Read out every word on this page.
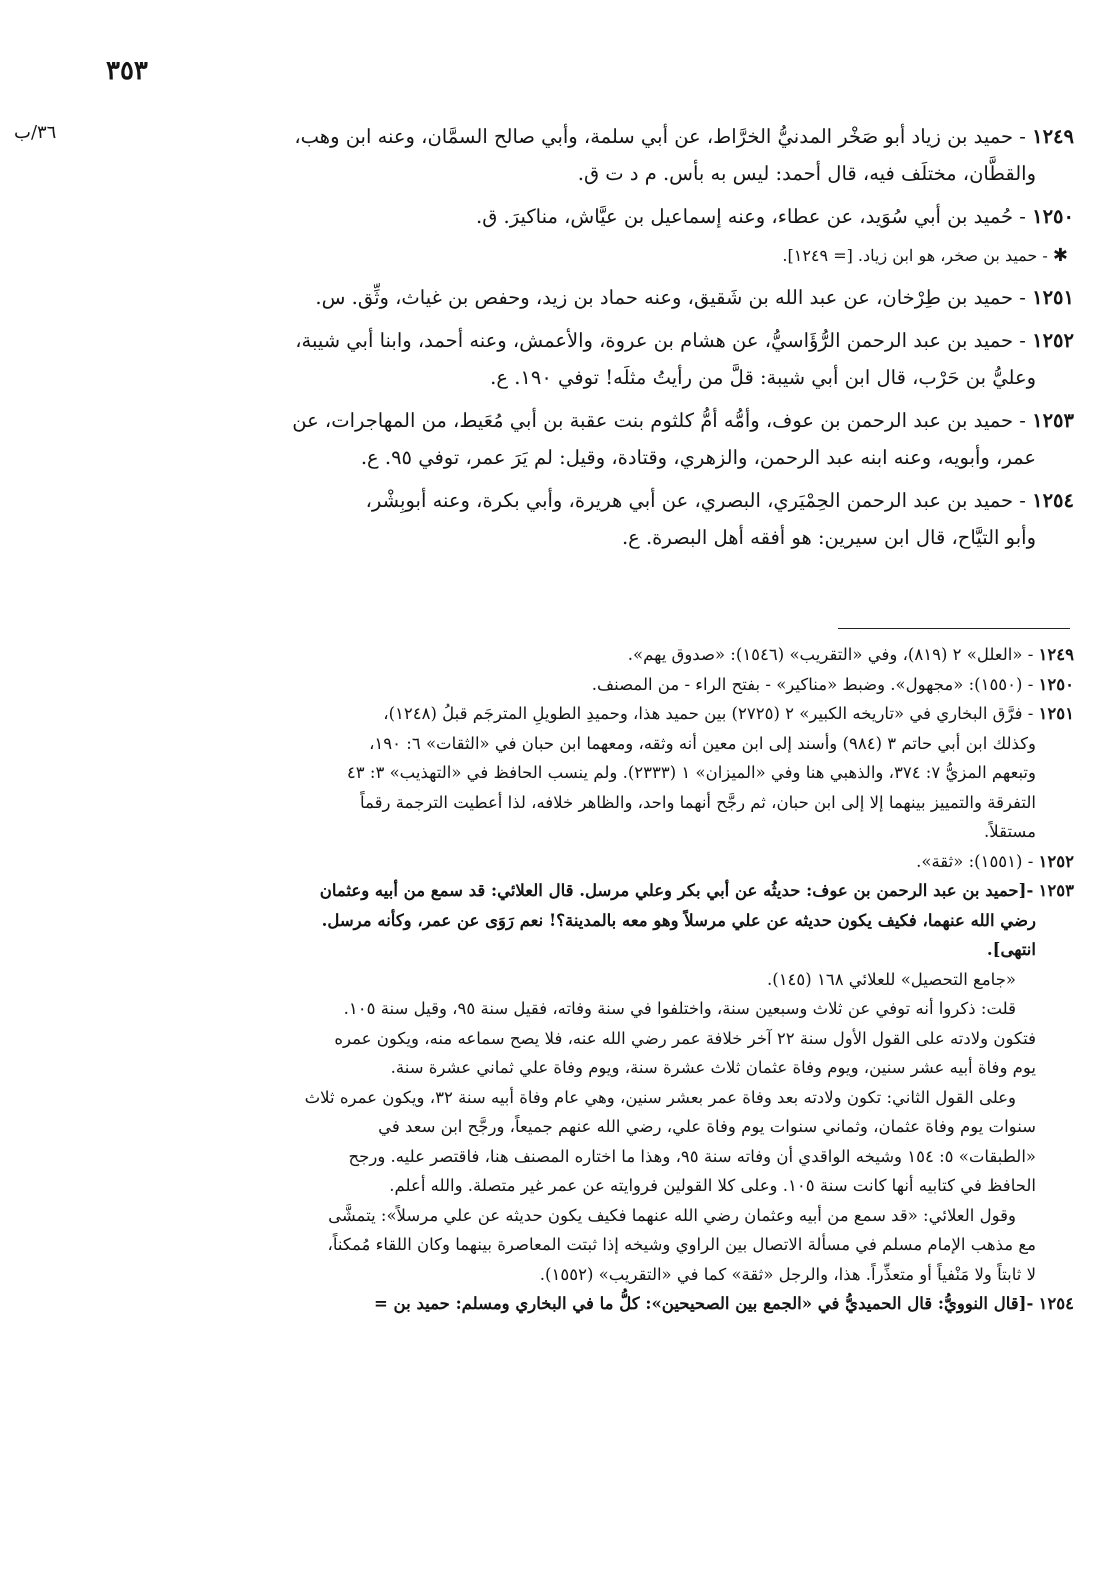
٣٥٣
٣٦/ب	١٢٤٩ - حميد بن زياد أبو صَخْر المدنيُّ الخرَّاط، عن أبي سلمة، وأبي صالح السمَّان، وعنه ابن وهب،
والقطَّان، مختلَف فيه، قال أحمد: ليس به بأس. م د ت ق.
١٢٥٠ - حُميد بن أبي سُوَيد، عن عطاء، وعنه إسماعيل بن عيَّاش، مناكيرَ. ق.
✱ - حميد بن صخر، هو ابن زياد. [= ١٢٤٩].
١٢٥١ - حميد بن طِرْخان، عن عبد الله بن شَقيق، وعنه حماد بن زيد، وحفص بن غياث، وثِّق. س.
١٢٥٢ - حميد بن عبد الرحمن الرُّؤَاسيُّ، عن هشام بن عروة، والأعمش، وعنه أحمد، وابنا أبي شيبة،
وعليُّ بن حَرْب، قال ابن أبي شيبة: قلَّ من رأيتُ مثلَه! توفي ١٩٠. ع.
١٢٥٣ - حميد بن عبد الرحمن بن عوف، وأمُّه أمُّ كلثوم بنت عقبة بن أبي مُعَيط، من المهاجرات، عن
عمر، وأبويه، وعنه ابنه عبد الرحمن، والزهري، وقتادة، وقيل: لم يَرَ عمر، توفي ٩٥. ع.
١٢٥٤ - حميد بن عبد الرحمن الحِمْيَري، البصري، عن أبي هريرة، وأبي بكرة، وعنه أبوبِشْر،
وأبو التيَّاح، قال ابن سيرين: هو أفقه أهل البصرة. ع.

١٢٤٩ - «العلل» ٢ (٨١٩)، وفي «التقريب» (١٥٤٦): «صدوق يهم».

١٢٥٠ - (١٥٥٠): «مجهول». وضبط «مناكير» - بفتح الراء - من المصنف.

١٢٥١ - فرَّق البخاري في «تاريخه الكبير» ٢ (٢٧٢٥) بين حميد هذا، وحميدِ الطويلِ المترجَم قبلُ (١٢٤٨)،
وكذلك ابن أبي حاتم ٣ (٩٨٤) وأسند إلى ابن معين أنه وثقه، ومعهما ابن حبان في «الثقات» ٦: ١٩٠،
وتبعهم المزيُّ ٧: ٣٧٤، والذهبي هنا وفي «الميزان» ١ (٢٣٣٣). ولم ينسب الحافظ في «التهذيب» ٣: ٤٣
التفرقة والتمييز بينهما إلا إلى ابن حبان، ثم رجَّح أنهما واحد، والظاهر خلافه، لذا أعطيت الترجمة رقماً
مستقلاً.

١٢٥٢ - (١٥٥١): «ثقة».

١٢٥٣ -[حميد بن عبد الرحمن بن عوف: حديثُه عن أبي بكر وعلي مرسل. قال العلائي: قد سمع من أبيه وعثمان
رضي الله عنهما، فكيف يكون حديثه عن علي مرسلاً وهو معه بالمدينة؟! نعم رَوَى عن عمر، وكأنه مرسل.
انتهى].
«جامع التحصيل» للعلائي ١٦٨ (١٤٥).
قلت: ذكروا أنه توفي عن ثلاث وسبعين سنة، واختلفوا في سنة وفاته، فقيل سنة ٩٥، وقيل سنة ١٠٥.
فتكون ولادته على القول الأول سنة ٢٢ آخر خلافة عمر رضي الله عنه، فلا يصح سماعه منه، ويكون عمره
يوم وفاة أبيه عشر سنين، ويوم وفاة عثمان ثلاث عشرة سنة، ويوم وفاة علي ثماني عشرة سنة.
وعلى القول الثاني: تكون ولادته بعد وفاة عمر بعشر سنين، وهي عام وفاة أبيه سنة ٣٢، ويكون عمره ثلاث
سنوات يوم وفاة عثمان، وثماني سنوات يوم وفاة علي، رضي الله عنهم جميعاً، ورجَّح ابن سعد في
«الطبقات» ٥: ١٥٤ وشيخه الواقدي أن وفاته سنة ٩٥، وهذا ما اختاره المصنف هنا، فاقتصر عليه. ورجح
الحافظ في كتابيه أنها كانت سنة ١٠٥. وعلى كلا القولين فروايته عن عمر غير متصلة. والله أعلم.
وقول العلائي: «قد سمع من أبيه وعثمان رضي الله عنهما فكيف يكون حديثه عن علي مرسلاً»: يتمشَّى
مع مذهب الإمام مسلم في مسألة الاتصال بين الراوي وشيخه إذا ثبتت المعاصرة بينهما وكان اللقاء مُمكناً،
لا ثابتاً ولا مَنْفياً أو متعذِّراً. هذا، والرجل «ثقة» كما في «التقريب» (١٥٥٢).

١٢٥٤ -[قال النوويُّ: قال الحميديُّ في «الجمع بين الصحيحين»: كلُّ ما في البخاري ومسلم: حميد بن =
